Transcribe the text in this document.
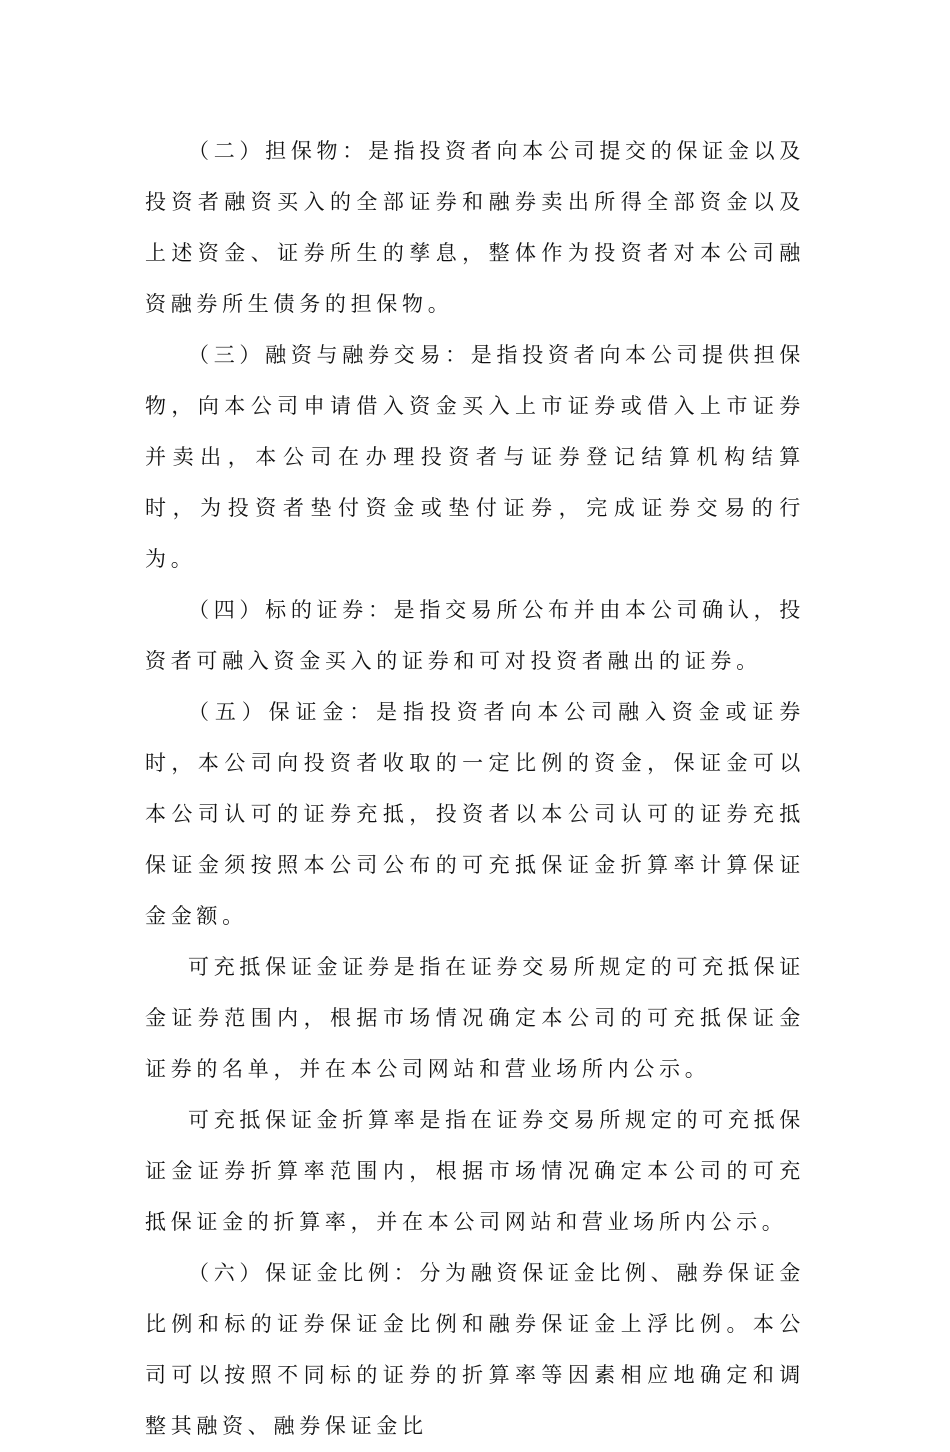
（二）担保物：是指投资者向本公司提交的保证金以及投资者融资买入的全部证券和融券卖出所得全部资金以及上述资金、证券所生的孳息，整体作为投资者对本公司融资融券所生债务的担保物。

（三）融资与融券交易：是指投资者向本公司提供担保物，向本公司申请借入资金买入上市证券或借入上市证券并卖出，本公司在办理投资者与证券登记结算机构结算时，为投资者垫付资金或垫付证券，完成证券交易的行为。

（四）标的证券：是指交易所公布并由本公司确认，投资者可融入资金买入的证券和可对投资者融出的证券。

（五）保证金：是指投资者向本公司融入资金或证券时，本公司向投资者收取的一定比例的资金，保证金可以本公司认可的证券充抵，投资者以本公司认可的证券充抵保证金须按照本公司公布的可充抵保证金折算率计算保证金金额。

可充抵保证金证券是指在证券交易所规定的可充抵保证金证券范围内，根据市场情况确定本公司的可充抵保证金证券的名单，并在本公司网站和营业场所内公示。

可充抵保证金折算率是指在证券交易所规定的可充抵保证金证券折算率范围内，根据市场情况确定本公司的可充抵保证金的折算率，并在本公司网站和营业场所内公示。

（六）保证金比例：分为融资保证金比例、融券保证金比例和标的证券保证金比例和融券保证金上浮比例。本公司可以按照不同标的证券的折算率等因素相应地确定和调整其融资、融券保证金比
